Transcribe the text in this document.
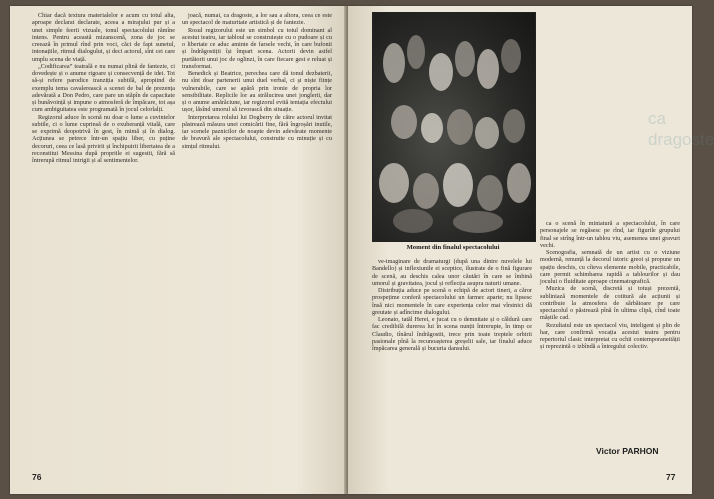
Chiar dacă textura materialelor e acum cu totul alta, aproape declarat declarate, aceea a mirajului pur și a unei simple feerii vizuale, tonul spectacolului rămîne intens. Pentru această mizanscenă, zona de joc se creează în primul rînd prin voci, căci de fapt sunetul, intonațiile, ritmul dialogului, și deci actorul, sînt cei care umplu scena de viață.

„Codificarea” teatrală e nu numai plină de fantezie, ci dovedește și o anume rigoare și consecvență de idei. Tot să-și refere parodice tranziția subtilă, apropiind de exemplu tema cavalerească a scenei de bal de prezența adevărată a Don Pedro, care pare un stăpîn de capacitate și bunăvoință și impune o atmosferă de împăcare, tot așa cum ambiguitatea este programată în jocul celorlalți.

Regizorul aduce în scenă nu doar o lume a cuvintelor subtile, ci o lume cuprinsă de o exuberanță vitală, care se exprimă deopotrivă în gest, în mimă și în dialog. Acțiunea se petrece într-un spațiu liber, cu puține decoruri, ceea ce lasă privirii și închipuirii libertatea de a reconstitui Messina după propriile ei sugestii, fără să întrerupă ritmul intrigii și al sentimentelor.

joacă, numai, ca dragoste, a lor sau a altora, ceea ce este un spectacol de maturitate artistică și de fantezie.

Rosul regizorului este un simbol cu totul dominant al acestui teatru, iar tabloul se construiește cu o pudoare și cu o libertate ce aduc aminte de farsele vechi, în care bufonii și îndrăgostiții își împart scena. Actorii devin astfel purtătorii unui joc de oglinzi, în care fiecare gest e reluat și transformat.

Benedick și Beatrice, perechea care dă tonul dezbaterii, nu sînt doar partenerii unui duel verbal, ci și niște ființe vulnerabile, care se apără prin ironie de propria lor sensibilitate. Replicile lor au strălucirea unei jonglerii, dar și o anume amărăciune, iar regizorul evită tentația efectului ușor, lăsînd umorul să izvorască din situație.

Interpretarea rolului lui Dogberry de către actorul invitat păstrează măsura unei comicării fine, fără îngroșări inutile, iar scenele paznicilor de noapte devin adevărate momente de bravură ale spectacolului, construite cu minuție și cu simțul ritmului.

76
Moment din finalul spectacolului
ca dragoste

ve-imaginare de dramaturgi (după una dintre nuvelele lui Bandello) și inflexiunile ei sceptice, ilustrate de o fină figurare de scenă, au deschis calea unor căutări în care se îmbină umorul și gravitatea, jocul și reflecția asupra naturii umane.

Distribuția aduce pe scenă o echipă de actori tineri, a căror prospețime conferă spectacolului un farmec aparte; nu lipsesc însă nici momentele în care experiența celor mai vîrstnici dă greutate și adîncime dialogului.

Leonato, tatăl Herei, e jucat cu o demnitate și o căldură care fac credibilă durerea lui în scena nunții întrerupte, în timp ce Claudio, tînărul îndrăgostit, trece prin toate treptele orbirii pasionale pînă la recunoașterea greșelii sale, iar finalul aduce împăcarea generală și bucuria dansului.

ca o scenă în miniatură a spectacolului, în care personajele se regăsesc pe rînd, iar figurile grupului final se strîng într-un tablou viu, asemenea unei gravuri vechi.

Scenografia, semnată de un artist cu o viziune modernă, renunță la decorul istoric greoi și propune un spațiu deschis, cu cîteva elemente mobile, practicabile, care permit schimbarea rapidă a tablourilor și dau jocului o fluiditate aproape cinematografică.

Muzica de scenă, discretă și totuși prezentă, subliniază momentele de cotitură ale acțiunii și contribuie la atmosfera de sărbătoare pe care spectacolul o păstrează pînă în ultima clipă, cînd toate măștile cad.

Rezultatul este un spectacol viu, inteligent și plin de har, care confirmă vocația acestui teatru pentru repertoriul clasic interpretat cu ochii contemporaneității și reprezintă o izbîndă a întregului colectiv.

Victor PARHON
77
